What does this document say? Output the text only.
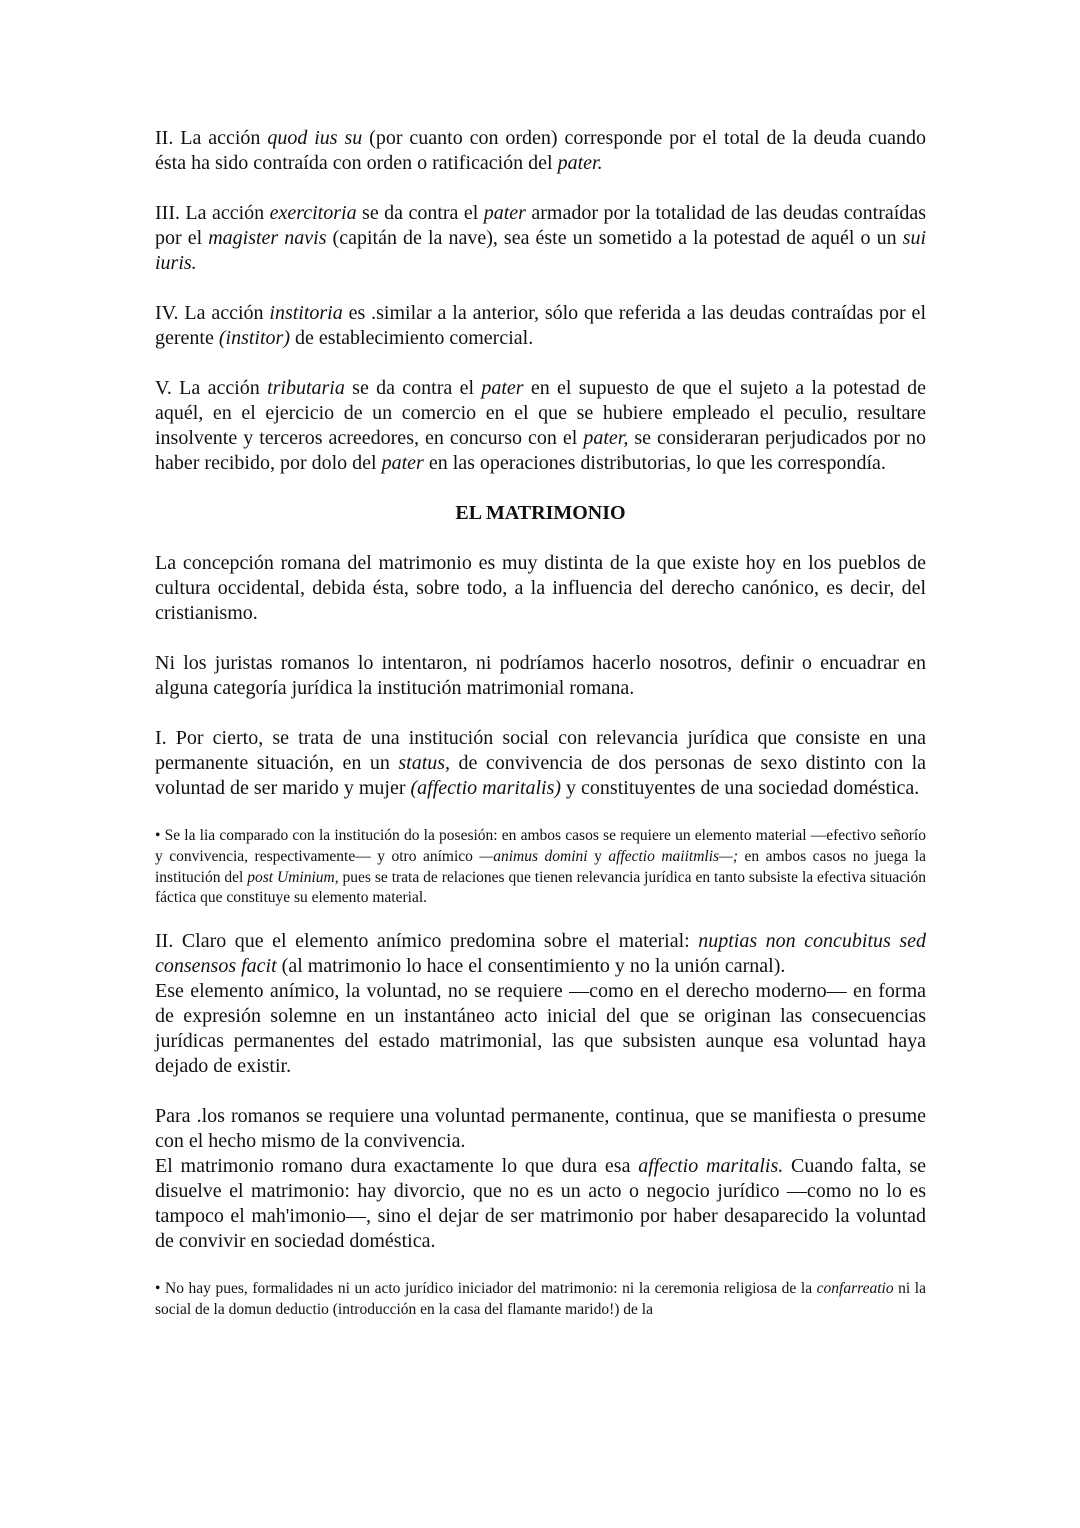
II. La acción quod ius su (por cuanto con orden) corresponde por el total de la deuda cuando ésta ha sido contraída con orden o ratificación del pater.

III. La acción exercitoria se da contra el pater armador por la totalidad de las deudas contraídas por el magister navis (capitán de la nave), sea éste un sometido a la potestad de aquél o un sui iuris.

IV. La acción institoria es .similar a la anterior, sólo que referida a las deudas contraídas por el gerente (institor) de establecimiento comercial.

V. La acción tributaria se da contra el pater en el supuesto de que el sujeto a la potestad de aquél, en el ejercicio de un comercio en el que se hubiere empleado el peculio, resultare insolvente y terceros acreedores, en concurso con el pater, se consideraran perjudicados por no haber recibido, por dolo del pater en las operaciones distributorias, lo que les correspondía.

EL MATRIMONIO

La concepción romana del matrimonio es muy distinta de la que existe hoy en los pueblos de cultura occidental, debida ésta, sobre todo, a la influencia del derecho canónico, es decir, del cristianismo.

Ni los juristas romanos lo intentaron, ni podríamos hacerlo nosotros, definir o encuadrar en alguna categoría jurídica la institución matrimonial romana.

I. Por cierto, se trata de una institución social con relevancia jurídica que consiste en una permanente situación, en un status, de convivencia de dos personas de sexo distinto con la voluntad de ser marido y mujer (affectio maritalis) y constituyentes de una sociedad doméstica.

• Se la lia comparado con la institución do la posesión: en ambos casos se requiere un elemento material —efectivo señorío y convivencia, respectivamente— y otro anímico —animus domini y affectio maiitmlis—; en ambos casos no juega la institución del post Uminium, pues se trata de relaciones que tienen relevancia jurídica en tanto subsiste la efectiva situación fáctica que constituye su elemento material.

II. Claro que el elemento anímico predomina sobre el material: nuptias non concubitus sed consensos facit (al matrimonio lo hace el consentimiento y no la unión carnal).

Ese elemento anímico, la voluntad, no se requiere —como en el derecho moderno— en forma de expresión solemne en un instantáneo acto inicial del que se originan las consecuencias jurídicas permanentes del estado matrimonial, las que subsisten aunque esa voluntad haya dejado de existir.

Para .los romanos se requiere una voluntad permanente, continua, que se manifiesta o presume con el hecho mismo de la convivencia.

El matrimonio romano dura exactamente lo que dura esa affectio maritalis. Cuando falta, se disuelve el matrimonio: hay divorcio, que no es un acto o negocio jurídico —como no lo es tampoco el mah'imonio—, sino el dejar de ser matrimonio por haber desaparecido la voluntad de convivir en sociedad doméstica.

• No hay pues, formalidades ni un acto jurídico iniciador del matrimonio: ni la ceremonia religiosa de la confarreatio ni la social de la domun deductio (introducción en la casa del flamante marido!) de la
